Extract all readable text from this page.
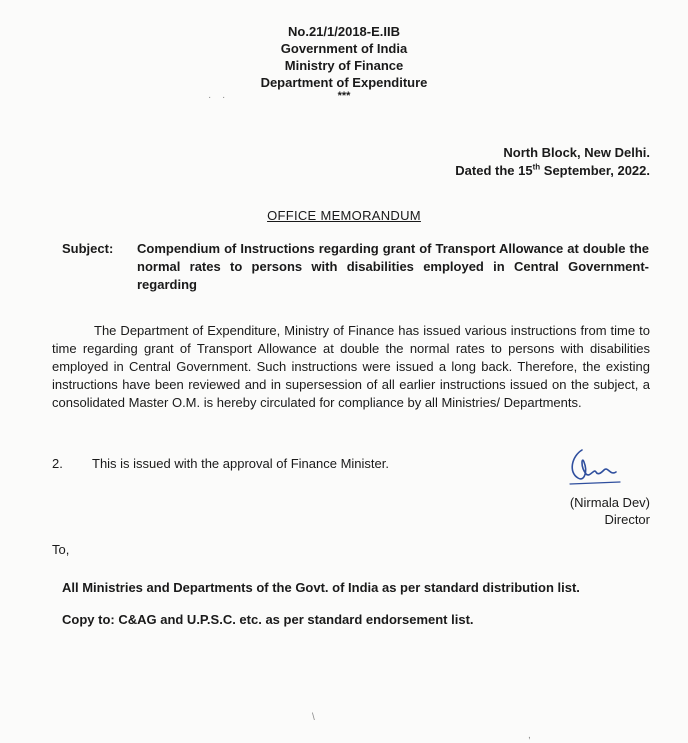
No.21/1/2018-E.IIB
Government of India
Ministry of Finance
Department of Expenditure
***
· ·
North Block, New Delhi.
Dated the 15th September, 2022.
OFFICE MEMORANDUM
Subject: Compendium of Instructions regarding grant of Transport Allowance at double the normal rates to persons with disabilities employed in Central Government-regarding
The Department of Expenditure, Ministry of Finance has issued various instructions from time to time regarding grant of Transport Allowance at double the normal rates to persons with disabilities employed in Central Government. Such instructions were issued a long back. Therefore, the existing instructions have been reviewed and in supersession of all earlier instructions issued on the subject, a consolidated Master O.M. is hereby circulated for compliance by all Ministries/ Departments.
2. This is issued with the approval of Finance Minister.
(Nirmala Dev)
Director
To,
All Ministries and Departments of the Govt. of India as per standard distribution list.
Copy to: C&AG and U.P.S.C. etc. as per standard endorsement list.
\
,
